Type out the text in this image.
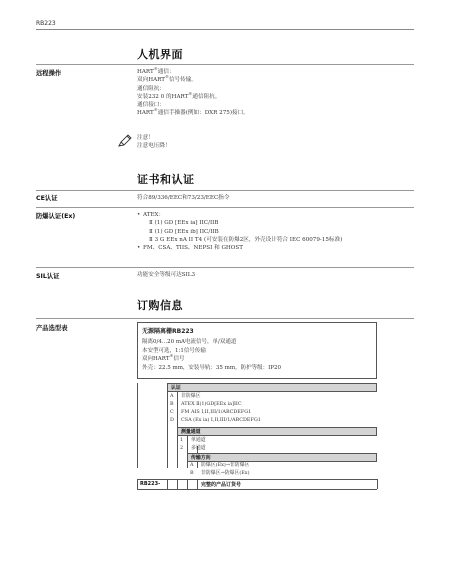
RB223
人机界面
远程操作	HART®通信：
双向HART®信号传输。
通信阻抗：
安装232 0 的HART®通信阻抗。
通信接口：
HART®通信手操器(例如：DXR 275)接口。
注意！
注意电压降！
证书和认证
CE认证	符合89/336/EEC和73/23/EEC指令
防爆认证(Ex)
•	ATEX：
Ⅱ (1) GD [EEx ia] IIC/IIB
Ⅱ (1) GD [EEx ib] IIC/IIB
Ⅱ 3 G EEx nA II T4 (可安装在防爆2区，外壳设计符合 IEC 60079-15标准)
• FM、CSA、TIIS、NEPSI 和 GHOST
SIL认证	功能安全等级可达SIL3
订购信息
产品选型表	无源隔离栅RB223
隔离0/4...20 mA电流信号，单/双通道
本安型可选，1:1信号传输
双向HART®信号
外壳：22.5 mm，安装导轨：35 mm，防护等级：IP20
认证
A 非防爆区
B ATEX Ⅱ(1)GD[EEx ia]IIC
C FM AIS I,II,III/1/ABCDEFG1
D CSA (Ex ia) I,II,III/1/ABCDEFG1
测量通道
1 单通道
2 多通道
传输方向
A 防爆区(Ex)→非防爆区
B 非防爆区→防爆区(Ex)
RB223-	完整的产品订货号
